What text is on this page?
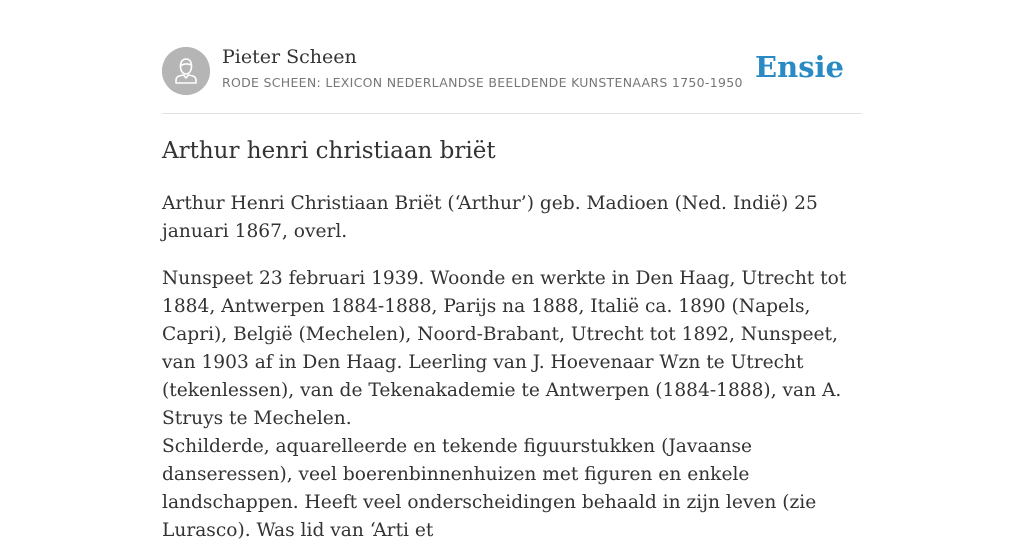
Pieter Scheen
RODE SCHEEN: LEXICON NEDERLANDSE BEELDENDE KUNSTENAARS 1750-1950 Ensie
Arthur henri christiaan briët

Arthur Henri Christiaan Briët (‘Arthur’) geb. Madioen (Ned. Indië) 25 januari 1867, overl.

Nunspeet 23 februari 1939. Woonde en werkte in Den Haag, Utrecht tot 1884, Antwerpen 1884-1888, Parijs na 1888, Italië ca. 1890 (Napels, Capri), België (Mechelen), Noord-Brabant, Utrecht tot 1892, Nunspeet, van 1903 af in Den Haag. Leerling van J. Hoevenaar Wzn te Utrecht (tekenlessen), van de Tekenakademie te Antwerpen (1884-1888), van A. Struys te Mechelen.

Schilderde, aquarelleerde en tekende figuurstukken (Javaanse danseressen), veel boerenbinnenhuizen met figuren en enkele landschappen. Heeft veel onderscheidingen behaald in zijn leven (zie Lurasco). Was lid van ‘Arti et
